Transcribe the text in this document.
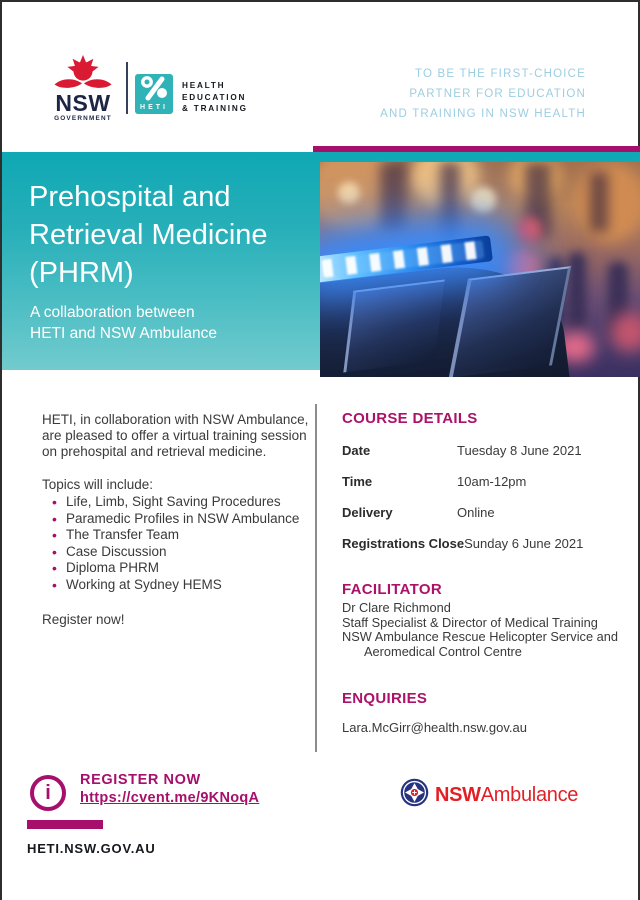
NSW
GOVERNMENT
HETI
HEALTH
EDUCATION
& TRAINING
TO BE THE FIRST-CHOICE
PARTNER FOR EDUCATION
AND TRAINING IN NSW HEALTH
Prehospital and
Retrieval Medicine
(PHRM)
A collaboration between
HETI and NSW Ambulance

HETI, in collaboration with NSW Ambulance, are pleased to offer a virtual training session on prehospital and retrieval medicine.

Topics will include:
• Life, Limb, Sight Saving Procedures
• Paramedic Profiles in NSW Ambulance
• The Transfer Team
• Case Discussion
• Diploma PHRM
• Working at Sydney HEMS
Register now!
COURSE DETAILS
Date	Tuesday 8 June 2021
Time	10am-12pm
Delivery	Online
Registrations Close Sunday 6 June 2021
FACILITATOR
Dr Clare Richmond
Staff Specialist & Director of Medical Training
NSW Ambulance Rescue Helicopter Service and
Aeromedical Control Centre
ENQUIRIES
Lara.McGirr@health.nsw.gov.au
i
REGISTER NOW
https://cvent.me/9KNoqA
HETI.NSW.GOV.AU
NSWAmbulance
